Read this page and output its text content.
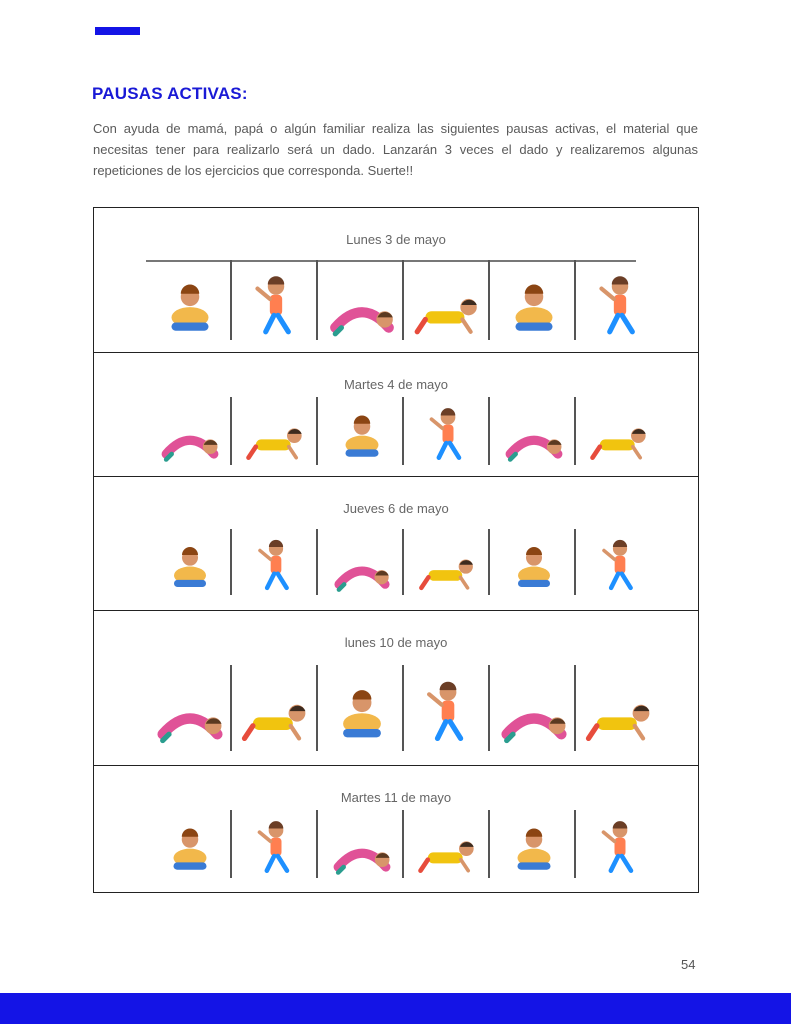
PAUSAS ACTIVAS:
Con ayuda de mamá, papá o algún familiar realiza las siguientes pausas activas, el material que necesitas tener para realizarlo será un dado. Lanzarán 3 veces el dado y realizaremos algunas repeticiones de los ejercicios que corresponda. Suerte!!
Lunes 3 de mayo
Martes 4 de mayo
Jueves 6 de mayo
lunes 10 de mayo
Martes 11 de mayo
54
